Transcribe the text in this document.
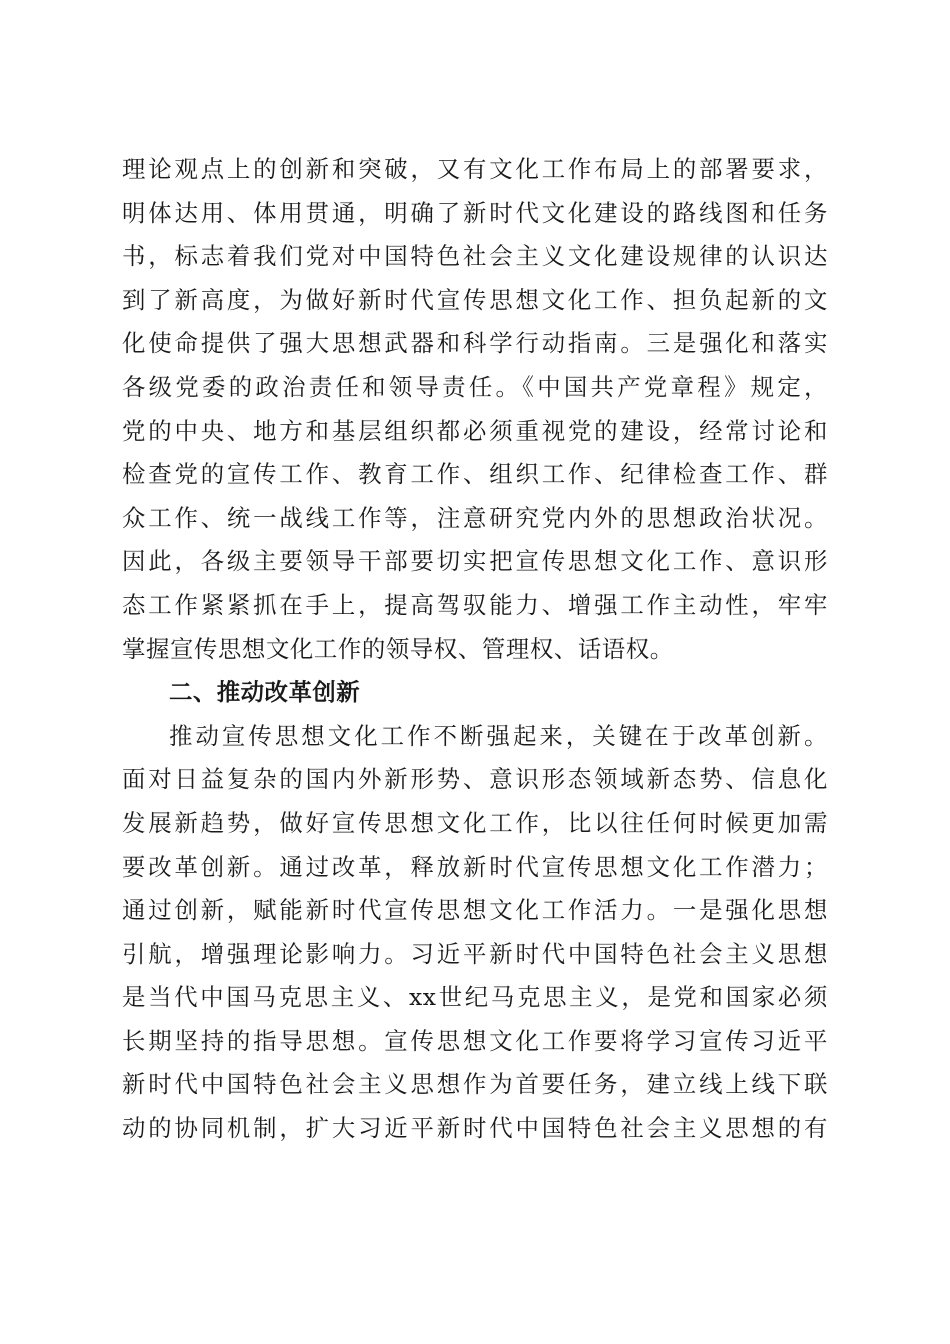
理论观点上的创新和突破，又有文化工作布局上的部署要求，
明体达用、体用贯通，明确了新时代文化建设的路线图和任务
书，标志着我们党对中国特色社会主义文化建设规律的认识达
到了新高度，为做好新时代宣传思想文化工作、担负起新的文
化使命提供了强大思想武器和科学行动指南。三是强化和落实
各级党委的政治责任和领导责任。《中国共产党章程》规定，
党的中央、地方和基层组织都必须重视党的建设，经常讨论和
检查党的宣传工作、教育工作、组织工作、纪律检查工作、群
众工作、统一战线工作等，注意研究党内外的思想政治状况。
因此，各级主要领导干部要切实把宣传思想文化工作、意识形
态工作紧紧抓在手上，提高驾驭能力、增强工作主动性，牢牢
掌握宣传思想文化工作的领导权、管理权、话语权。
二、推动改革创新
推动宣传思想文化工作不断强起来，关键在于改革创新。
面对日益复杂的国内外新形势、意识形态领域新态势、信息化
发展新趋势，做好宣传思想文化工作，比以往任何时候更加需
要改革创新。通过改革，释放新时代宣传思想文化工作潜力；
通过创新，赋能新时代宣传思想文化工作活力。一是强化思想
引航，增强理论影响力。习近平新时代中国特色社会主义思想
是当代中国马克思主义、xx世纪马克思主义，是党和国家必须
长期坚持的指导思想。宣传思想文化工作要将学习宣传习近平
新时代中国特色社会主义思想作为首要任务，建立线上线下联
动的协同机制，扩大习近平新时代中国特色社会主义思想的有
